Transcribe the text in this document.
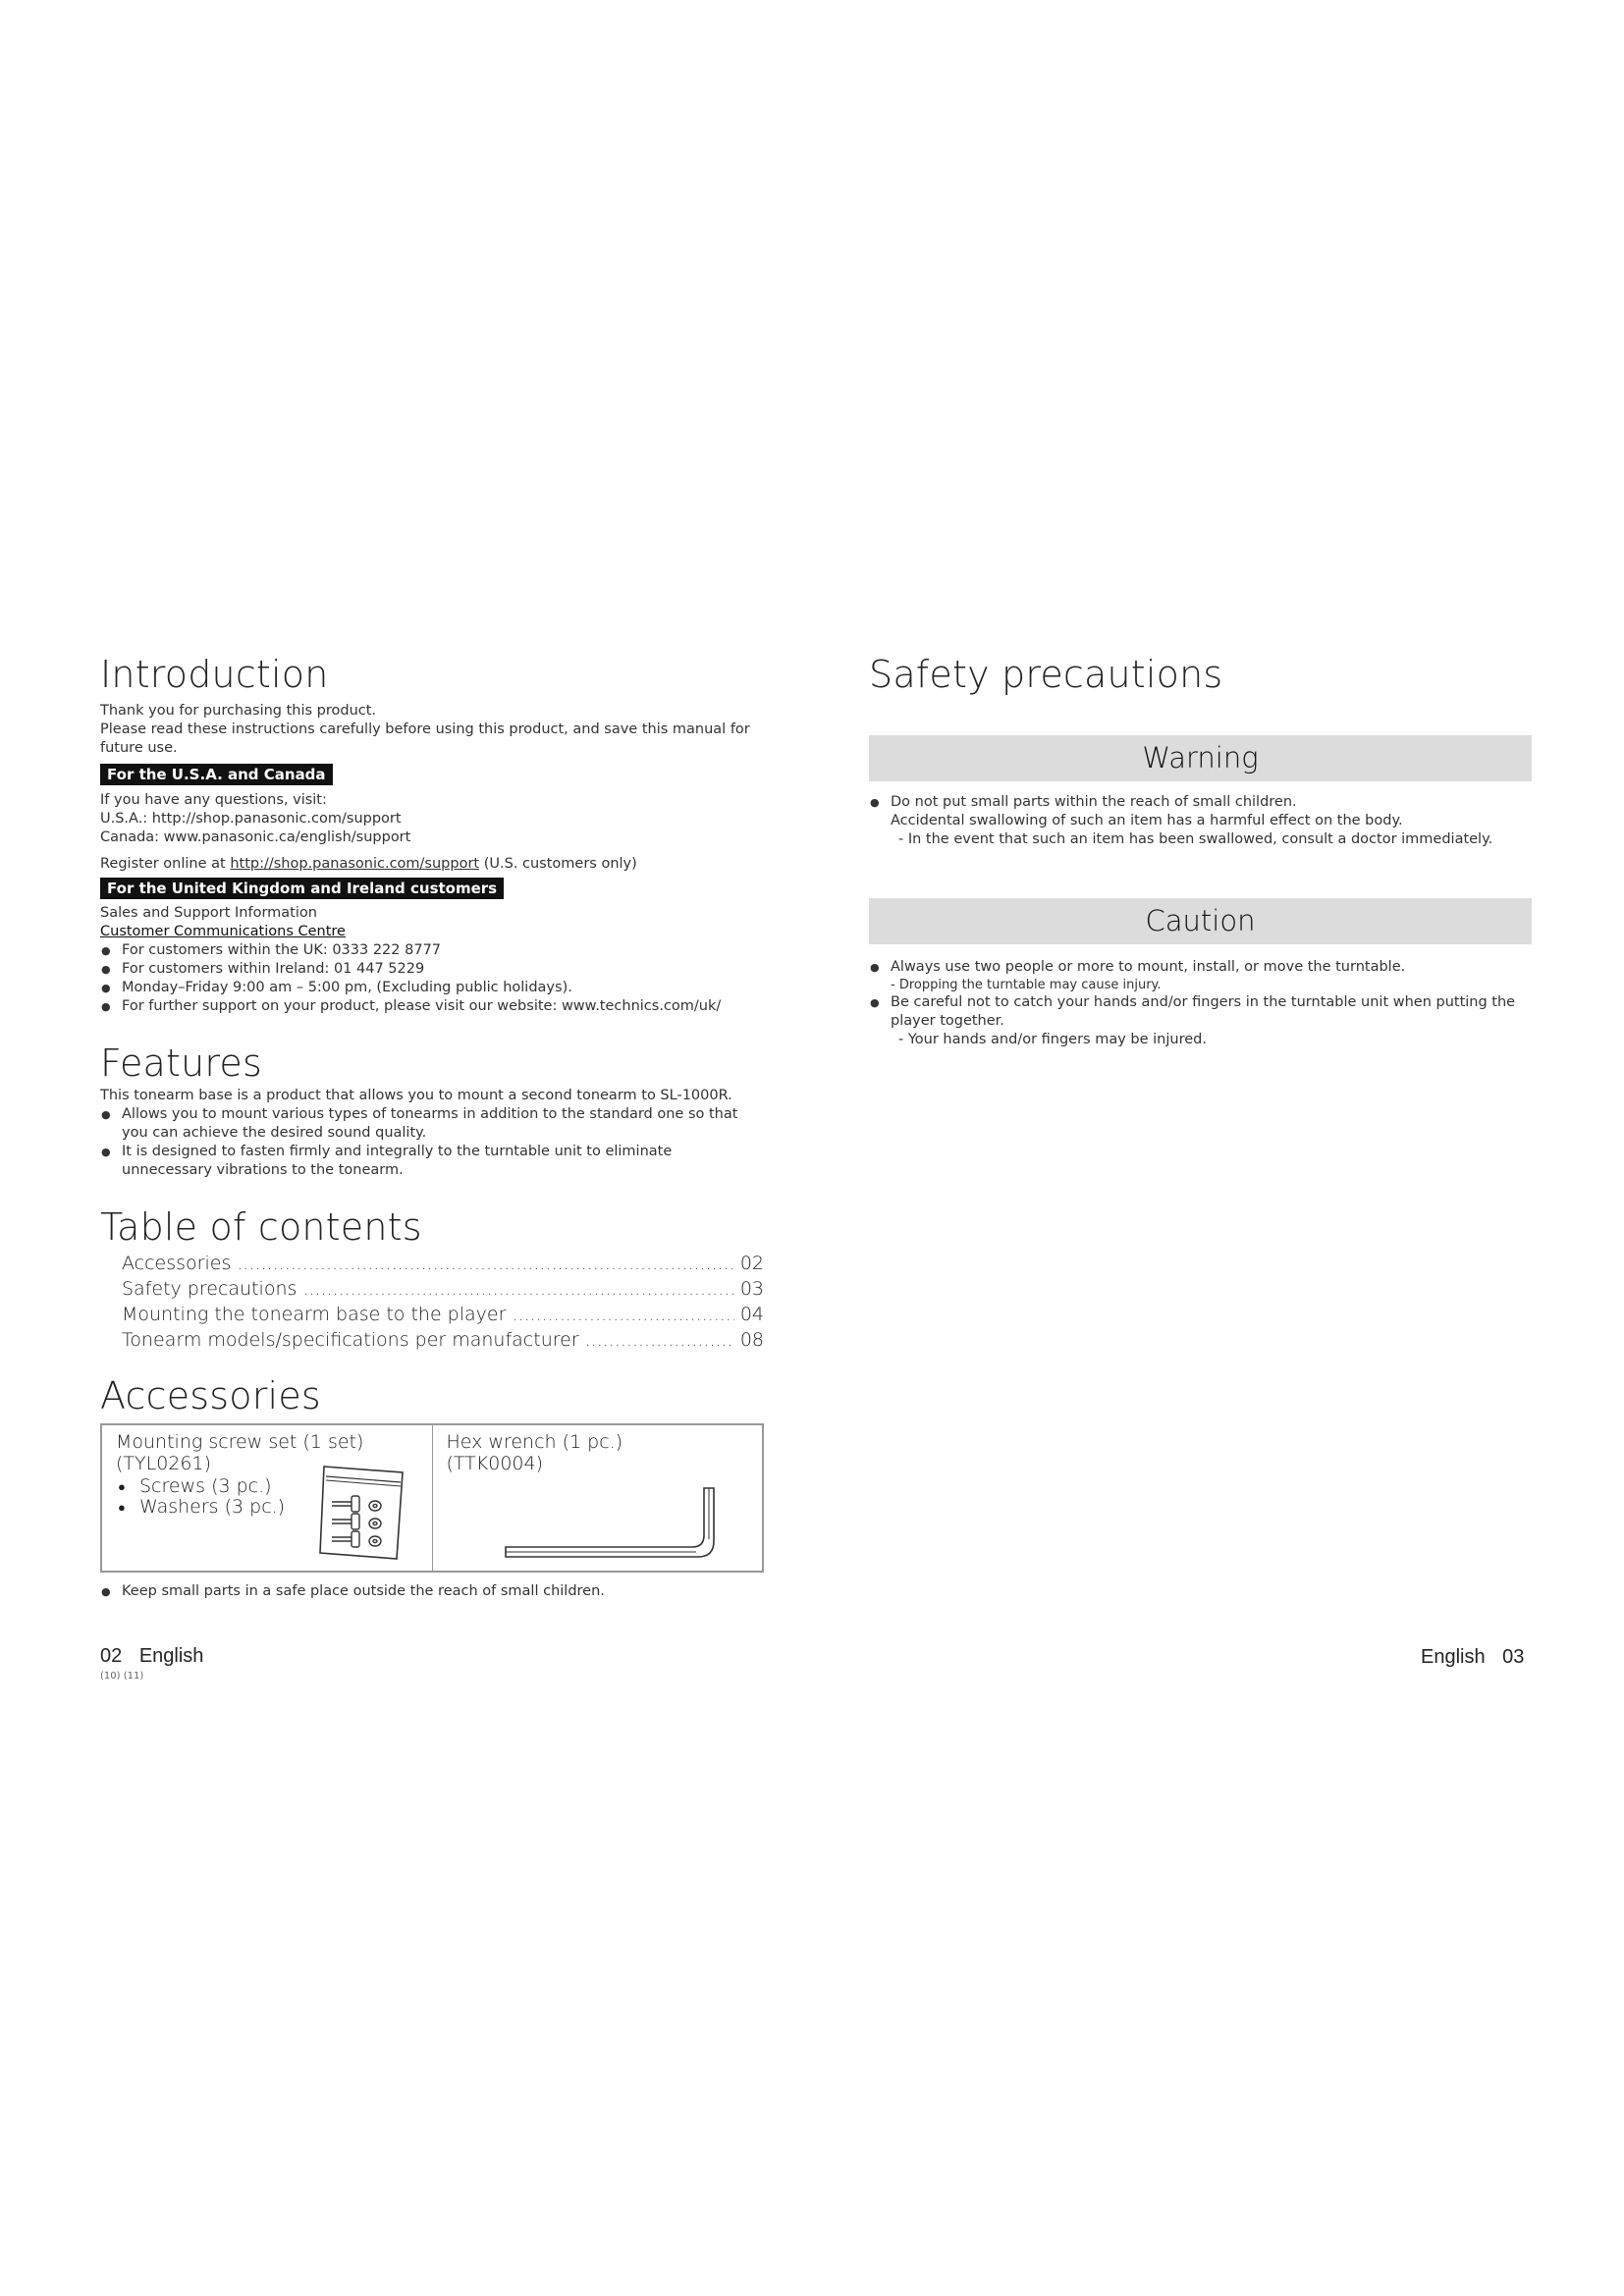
Introduction

Thank you for purchasing this product.

Please read these instructions carefully before using this product, and save this manual for future use.

For the U.S.A. and Canada

If you have any questions, visit:

U.S.A.: http://shop.panasonic.com/support

Canada: www.panasonic.ca/english/support

Register online at http://shop.panasonic.com/support (U.S. customers only)

For the United Kingdom and Ireland customers

Sales and Support Information

Customer Communications Centre

● For customers within the UK: 0333 222 8777
● For customers within Ireland: 01 447 5229
● Monday–Friday 9:00 am – 5:00 pm, (Excluding public holidays).
● For further support on your product, please visit our website: www.technics.com/uk/
Features

This tonearm base is a product that allows you to mount a second tonearm to SL-1000R.

● Allows you to mount various types of tonearms in addition to the standard one so that you can achieve the desired sound quality.
● It is designed to fasten firmly and integrally to the turntable unit to eliminate unnecessary vibrations to the tonearm.
Table of contents
Accessories .....	02
Safety precautions .....	03
Mounting the tonearm base to the player .....	04
Tonearm models/specifications per manufacturer .....	08
Accessories
Mounting screw set (1 set)
(TYL0261)
● Screws (3 pc.)
● Washers (3 pc.)
Hex wrench (1 pc.)
(TTK0004)
● Keep small parts in a safe place outside the reach of small children.
Safety precautions
Warning
● Do not put small parts within the reach of small children.
Accidental swallowing of such an item has a harmful effect on the body.
- In the event that such an item has been swallowed, consult a doctor immediately.
Caution
● Always use two people or more to mount, install, or move the turntable.
- Dropping the turntable may cause injury.
● Be careful not to catch your hands and/or fingers in the turntable unit when putting the player together.
- Your hands and/or fingers may be injured.
02 English
(10) (11)
English 03
